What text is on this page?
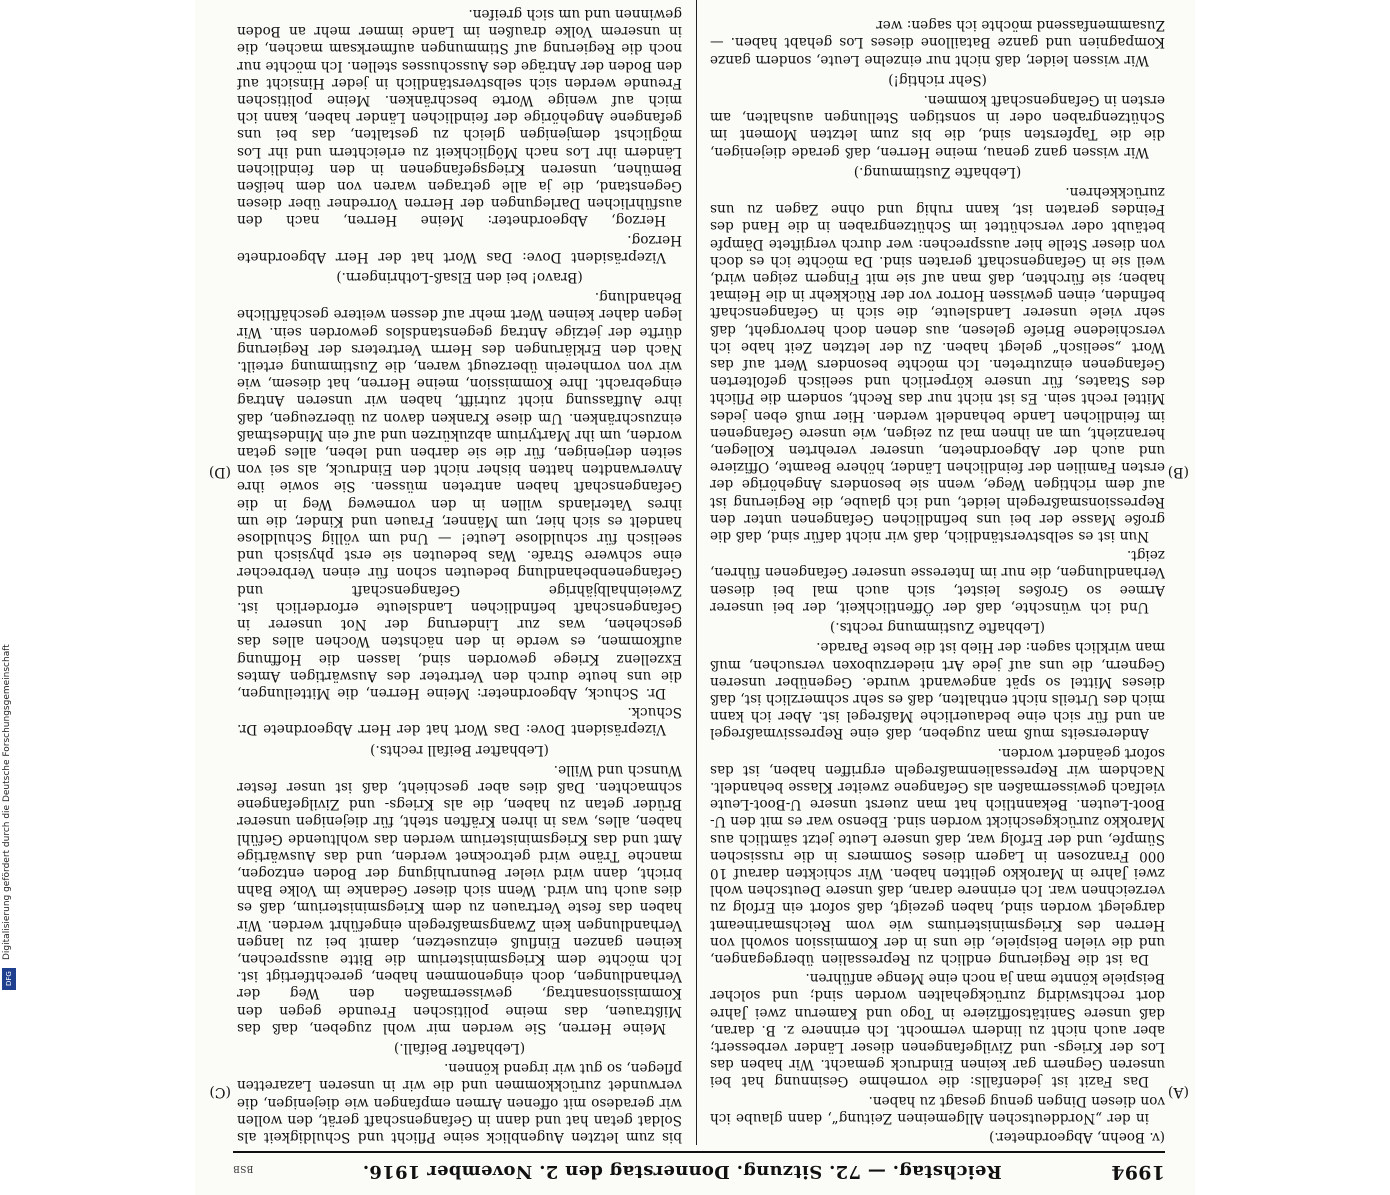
1994
Reichstag. — 72. Sitzung. Donnerstag den 2. November 1916.
BSB
(A)
(B)
(C)
(D)

(v. Boehn, Abgeordneter.)

in der „Norddeutschen Allgemeinen Zeitung“, dann glaube ich von diesen Dingen genug gesagt zu haben.

Das Fazit ist jedenfalls: die vornehme Gesinnung hat bei unseren Gegnern gar keinen Eindruck gemacht. Wir haben das Los der Kriegs- und Zivilgefangenen dieser Länder verbessert; aber auch nicht zu lindern vermocht. Ich erinnere z. B. daran, daß unsere Sanitätsoffiziere in Togo und Kamerun zwei Jahre dort rechtswidrig zurückgehalten worden sind; und solcher Beispiele könnte man ja noch eine Menge anführen.

Da ist die Regierung endlich zu Repressalien übergegangen, und die vielen Beispiele, die uns in der Kommission sowohl von Herren des Kriegsministeriums wie vom Reichsmarineamt dargelegt worden sind, haben gezeigt, daß sofort ein Erfolg zu verzeichnen war. Ich erinnere daran, daß unsere Deutschen wohl zwei Jahre in Marokko gelitten haben. Wir schickten darauf 10 000 Franzosen in Lagern dieses Sommers in die russischen Sümpfe, und der Erfolg war, daß unsere Leute jetzt sämtlich aus Marokko zurückgeschickt worden sind. Ebenso war es mit den U-Boot-Leuten. Bekanntlich hat man zuerst unsere U-Boot-Leute vielfach gewissermaßen als Gefangene zweiter Klasse behandelt. Nachdem wir Repressalienmaßregeln ergriffen haben, ist das sofort geändert worden.

Andererseits muß man zugeben, daß eine Repressivmaßregel an und für sich eine bedauerliche Maßregel ist. Aber ich kann mich des Urteils nicht enthalten, daß es sehr schmerzlich ist, daß dieses Mittel so spät angewandt wurde. Gegenüber unseren Gegnern, die uns auf jede Art niederzuboxen versuchen, muß man wirklich sagen: der Hieb ist die beste Parade.

(Lebhafte Zustimmung rechts.)

Und ich wünschte, daß der Öffentlichkeit, der bei unserer Armee so Großes leistet, sich auch mal bei diesen Verhandlungen, die nur im Interesse unserer Gefangenen führen, zeigt.

Nun ist es selbstverständlich, daß wir nicht dafür sind, daß die große Masse der bei uns befindlichen Gefangenen unter den Repressionsmaßregeln leidet, und ich glaube, die Regierung ist auf dem richtigen Wege, wenn sie besonders Angehörige der ersten Familien der feindlichen Länder, höhere Beamte, Offiziere und auch der Abgeordneten, unserer verehrten Kollegen, heranzieht, um an ihnen mal zu zeigen, wie unsere Gefangenen im feindlichen Lande behandelt werden. Hier muß eben jedes Mittel recht sein. Es ist nicht nur das Recht, sondern die Pflicht des Staates, für unsere körperlich und seelisch gefolterten Gefangenen einzutreten. Ich möchte besonders Wert auf das Wort „seelisch“ gelegt haben. Zu der letzten Zeit habe ich verschiedene Briefe gelesen, aus denen doch hervorgeht, daß sehr viele unserer Landsleute, die sich in Gefangenschaft befinden, einen gewissen Horror vor der Rückkehr in die Heimat haben; sie fürchten, daß man auf sie mit Fingern zeigen wird, weil sie in Gefangenschaft geraten sind. Da möchte ich es doch von dieser Stelle hier aussprechen: wer durch vergiftete Dämpfe betäubt oder verschüttet im Schützengraben in die Hand des Feindes geraten ist, kann ruhig und ohne Zagen zu uns zurückkehren.

(Lebhafte Zustimmung.)

Wir wissen ganz genau, meine Herren, daß gerade diejenigen, die die Tapfersten sind, die bis zum letzten Moment im Schützengraben oder in sonstigen Stellungen aushalten, am ersten in Gefangenschaft kommen.

(Sehr richtig!)

Wir wissen leider, daß nicht nur einzelne Leute, sondern ganze Kompagnien und ganze Bataillone dieses Los gehabt haben. — Zusammenfassend möchte ich sagen: wer

bis zum letzten Augenblick seine Pflicht und Schuldigkeit als Soldat getan hat und dann in Gefangenschaft gerät, den wollen wir geradeso mit offenen Armen empfangen wie diejenigen, die verwundet zurückkommen und die wir in unseren Lazaretten pflegen, so gut wir irgend können.

(Lebhafter Beifall.)

Meine Herren, Sie werden mir wohl zugeben, daß das Mißtrauen, das meine politischen Freunde gegen den Kommissionsantrag, gewissermaßen den Weg der Verhandlungen, doch eingenommen haben, gerechtfertigt ist. Ich möchte dem Kriegsministerium die Bitte aussprechen, keinen ganzen Einfluß einzusetzen, damit bei zu langen Verhandlungen kein Zwangsmaßregeln eingeführt werden. Wir haben das feste Vertrauen zu dem Kriegsministerium, daß es dies auch tun wird. Wenn sich dieser Gedanke im Volke Bahn bricht, dann wird vieler Beunruhigung der Boden entzogen, manche Träne wird getrocknet werden, und das Auswärtige Amt und das Kriegsministerium werden das wohltuende Gefühl haben, alles, was in ihren Kräften steht, für diejenigen unserer Brüder getan zu haben, die als Kriegs- und Zivilgefangene schmachten. Daß dies aber geschieht, daß ist unser fester Wunsch und Wille.

(Lebhafter Beifall rechts.)

Vizepräsident Dove: Das Wort hat der Herr Abgeordnete Dr. Schuck.

Dr. Schuck, Abgeordneter: Meine Herren, die Mitteilungen, die uns heute durch den Vertreter des Auswärtigen Amtes Exzellenz Kriege geworden sind, lassen die Hoffnung aufkommen, es werde in den nächsten Wochen alles das geschehen, was zur Linderung der Not unserer in Gefangenschaft befindlichen Landsleute erforderlich ist. Zweieinhalbjährige Gefangenschaft und Gefangenenbehandlung bedeuten schon für einen Verbrecher eine schwere Strafe. Was bedeuten sie erst physisch und seelisch für schuldlose Leute! — Und um völlig Schuldlose handelt es sich hier, um Männer, Frauen und Kinder, die um ihres Vaterlands willen in den vorneweg Weg in die Gefangenschaft haben antreten müssen. Sie sowie ihre Anverwandten hatten bisher nicht den Eindruck, als sei von seiten derjenigen, für die sie darben und leben, alles getan worden, um ihr Martyrium abzukürzen und auf ein Mindestmaß einzuschränken. Um diese Kranken davon zu überzeugen, daß ihre Auffassung nicht zutrifft, haben wir unseren Antrag eingebracht. Ihre Kommission, meine Herren, hat diesem, wie wir von vornherein überzeugt waren, die Zustimmung erteilt. Nach den Erklärungen des Herrn Vertreters der Regierung dürfte der jetzige Antrag gegenstandslos geworden sein. Wir legen daher keinen Wert mehr auf dessen weitere geschäftliche Behandlung.

(Bravo! bei den Elsaß-Lothringern.)

Vizepräsident Dove: Das Wort hat der Herr Abgeordnete Herzog.

Herzog, Abgeordneter: Meine Herren, nach den ausführlichen Darlegungen der Herren Vorredner über diesen Gegenstand, die ja alle getragen waren von dem heißen Bemühen, unseren Kriegsgefangenen in den feindlichen Ländern ihr Los nach Möglichkeit zu erleichtern und ihr Los möglichst demjenigen gleich zu gestalten, das bei uns gefangene Angehörige der feindlichen Länder haben, kann ich mich auf wenige Worte beschränken. Meine politischen Freunde werden sich selbstverständlich in jeder Hinsicht auf den Boden der Anträge des Ausschusses stellen. Ich möchte nur noch die Regierung auf Stimmungen aufmerksam machen, die in unserem Volke draußen im Lande immer mehr an Boden gewinnen und um sich greifen.

DFG
Digitalisierung gefördert durch die Deutsche Forschungsgemeinschaft
